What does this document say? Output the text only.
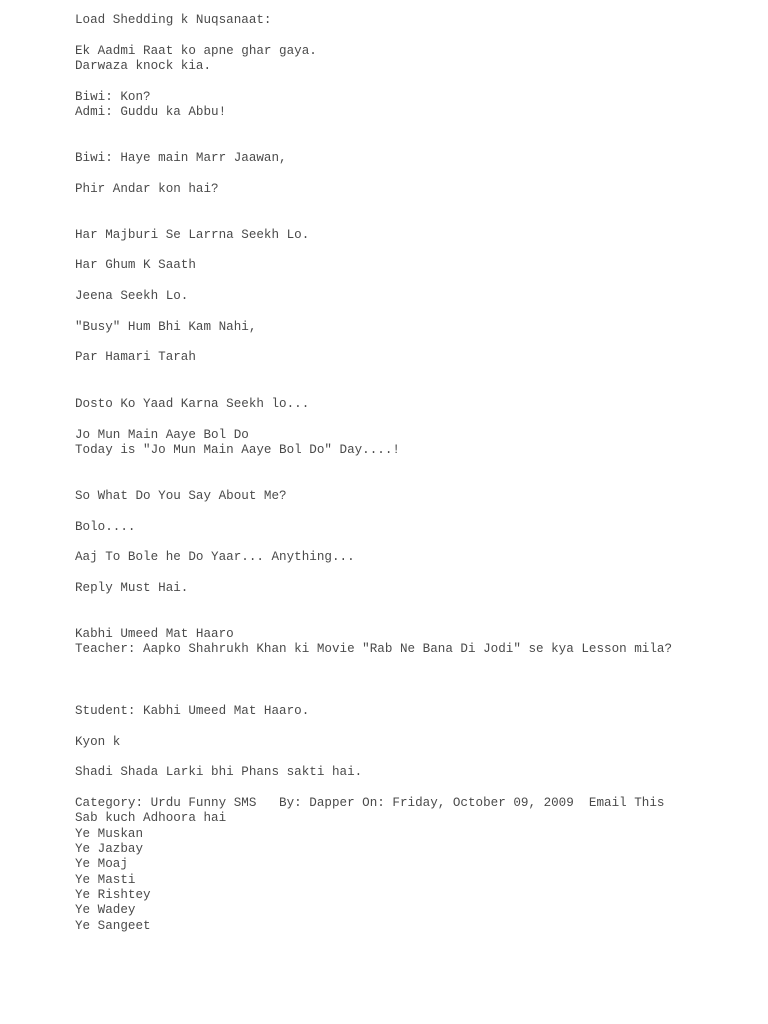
Load Shedding k Nuqsanaat:

Ek Aadmi Raat ko apne ghar gaya.

Darwaza knock kia.

Biwi: Kon?

Admi: Guddu ka Abbu!

Biwi: Haye main Marr Jaawan,

Phir Andar kon hai?

Har Majburi Se Larrna Seekh Lo.

Har Ghum K Saath

Jeena Seekh Lo.

"Busy" Hum Bhi Kam Nahi,

Par Hamari Tarah

Dosto Ko Yaad Karna Seekh lo...

Jo Mun Main Aaye Bol Do

Today is "Jo Mun Main Aaye Bol Do" Day....!

So What Do You Say About Me?

Bolo....

Aaj To Bole he Do Yaar... Anything...

Reply Must Hai.

Kabhi Umeed Mat Haaro

Teacher: Aapko Shahrukh Khan ki Movie "Rab Ne Bana Di Jodi" se kya Lesson mila?

Student: Kabhi Umeed Mat Haaro.

Kyon k

Shadi Shada Larki bhi Phans sakti hai.

Category: Urdu Funny SMS   By: Dapper On: Friday, October 09, 2009  Email This

Sab kuch Adhoora hai

Ye Muskan

Ye Jazbay

Ye Moaj

Ye Masti

Ye Rishtey

Ye Wadey

Ye Sangeet
